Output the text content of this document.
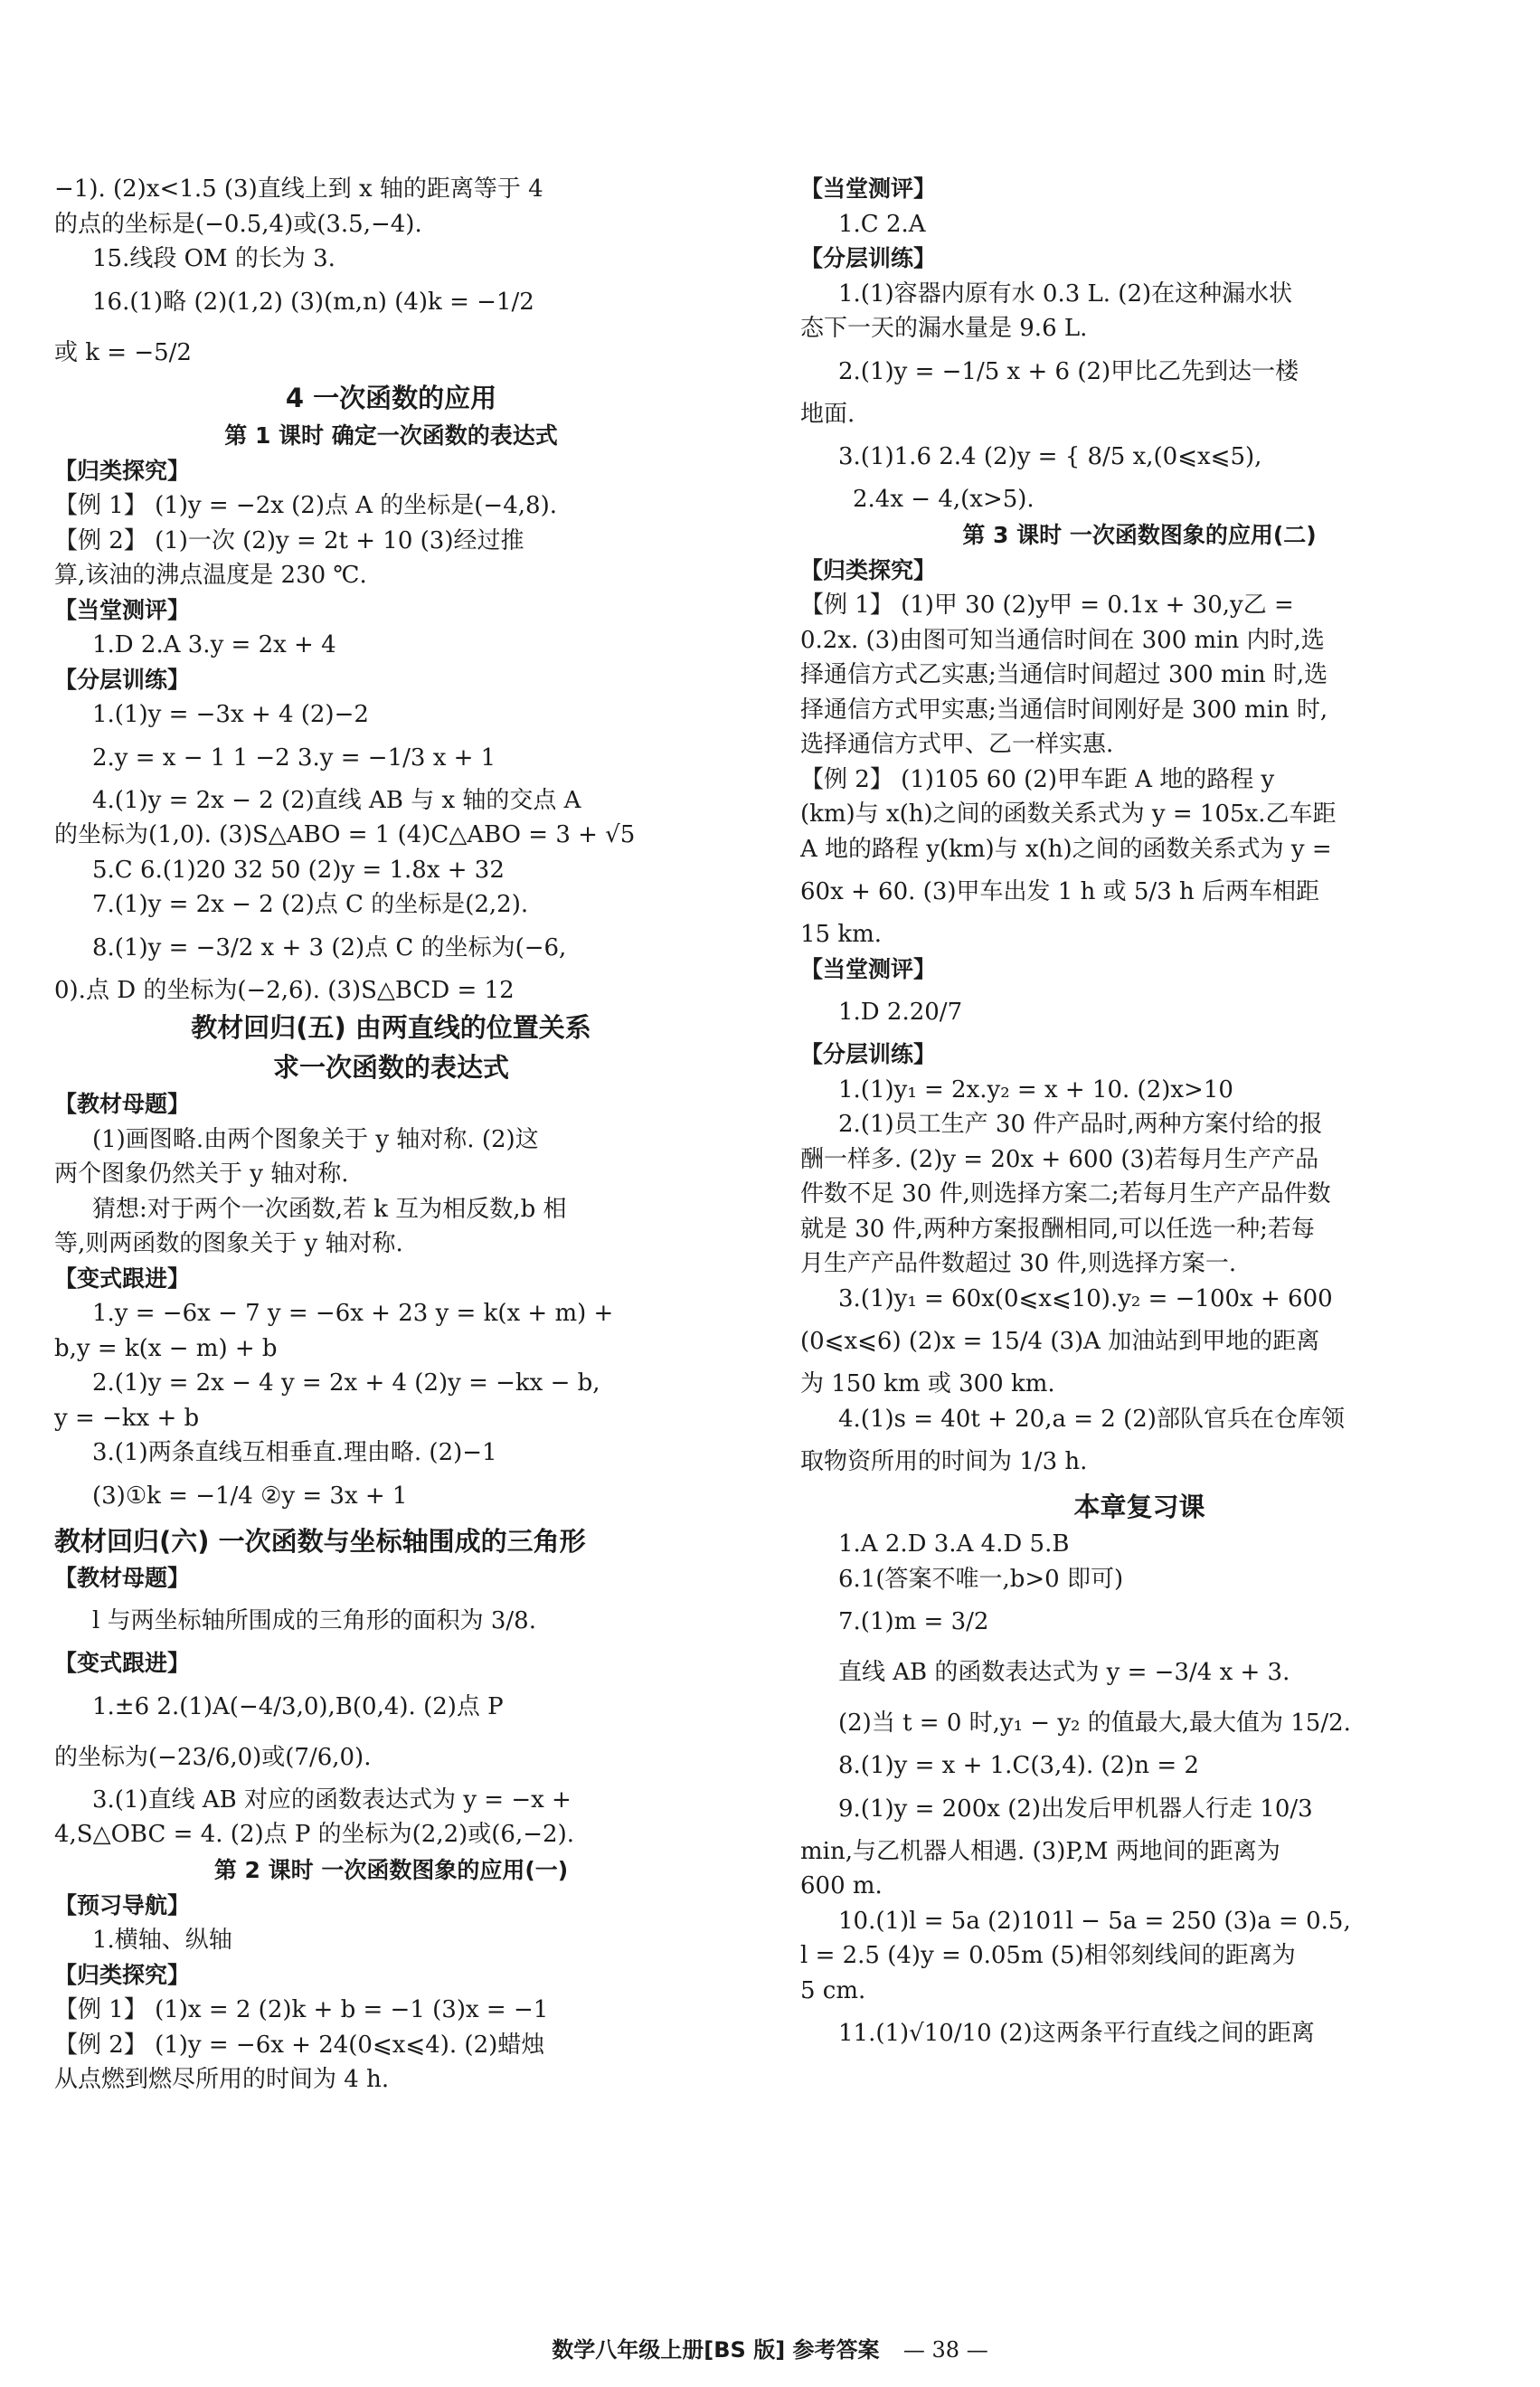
−1). (2)x<1.5 (3)直线上到 x 轴的距离等于 4
的点的坐标是(−0.5,4)或(3.5,−4).
15.线段 OM 的长为 3.
16.(1)略 (2)(1,2) (3)(m,n) (4)k = −1/2
或 k = −5/2
4 一次函数的应用
第 1 课时 确定一次函数的表达式
【归类探究】
【例 1】 (1)y = −2x (2)点 A 的坐标是(−4,8).
【例 2】 (1)一次 (2)y = 2t + 10 (3)经过推
算,该油的沸点温度是 230 ℃.
【当堂测评】
1.D 2.A 3.y = 2x + 4
【分层训练】
1.(1)y = −3x + 4 (2)−2
2.y = x − 1 1 −2 3.y = −1/3 x + 1
4.(1)y = 2x − 2 (2)直线 AB 与 x 轴的交点 A
的坐标为(1,0). (3)S△ABO = 1 (4)C△ABO = 3 + √5
5.C 6.(1)20 32 50 (2)y = 1.8x + 32
7.(1)y = 2x − 2 (2)点 C 的坐标是(2,2).
8.(1)y = −3/2 x + 3 (2)点 C 的坐标为(−6,
0).点 D 的坐标为(−2,6). (3)S△BCD = 12
教材回归(五) 由两直线的位置关系
求一次函数的表达式
【教材母题】
(1)画图略.由两个图象关于 y 轴对称. (2)这
两个图象仍然关于 y 轴对称.
猜想:对于两个一次函数,若 k 互为相反数,b 相
等,则两函数的图象关于 y 轴对称.
【变式跟进】
1.y = −6x − 7 y = −6x + 23 y = k(x + m) +
b,y = k(x − m) + b
2.(1)y = 2x − 4 y = 2x + 4 (2)y = −kx − b,
y = −kx + b
3.(1)两条直线互相垂直.理由略. (2)−1
(3)①k = −1/4 ②y = 3x + 1
教材回归(六) 一次函数与坐标轴围成的三角形
【教材母题】
l 与两坐标轴所围成的三角形的面积为 3/8.
【变式跟进】
1.±6 2.(1)A(−4/3,0),B(0,4). (2)点 P
的坐标为(−23/6,0)或(7/6,0).
3.(1)直线 AB 对应的函数表达式为 y = −x +
4,S△OBC = 4. (2)点 P 的坐标为(2,2)或(6,−2).
第 2 课时 一次函数图象的应用(一)
【预习导航】
1.横轴、纵轴
【归类探究】
【例 1】 (1)x = 2 (2)k + b = −1 (3)x = −1
【例 2】 (1)y = −6x + 24(0⩽x⩽4). (2)蜡烛
从点燃到燃尽所用的时间为 4 h.
【当堂测评】
1.C 2.A
【分层训练】
1.(1)容器内原有水 0.3 L. (2)在这种漏水状
态下一天的漏水量是 9.6 L.
2.(1)y = −1/5 x + 6 (2)甲比乙先到达一楼
地面.
3.(1)1.6 2.4 (2)y = { 8/5 x,(0⩽x⩽5),
2.4x − 4,(x>5).
第 3 课时 一次函数图象的应用(二)
【归类探究】
【例 1】 (1)甲 30 (2)y甲 = 0.1x + 30,y乙 =
0.2x. (3)由图可知当通信时间在 300 min 内时,选
择通信方式乙实惠;当通信时间超过 300 min 时,选
择通信方式甲实惠;当通信时间刚好是 300 min 时,
选择通信方式甲、乙一样实惠.
【例 2】 (1)105 60 (2)甲车距 A 地的路程 y
(km)与 x(h)之间的函数关系式为 y = 105x.乙车距
A 地的路程 y(km)与 x(h)之间的函数关系式为 y =
60x + 60. (3)甲车出发 1 h 或 5/3 h 后两车相距
15 km.
【当堂测评】
1.D 2.20/7
【分层训练】
1.(1)y₁ = 2x.y₂ = x + 10. (2)x>10
2.(1)员工生产 30 件产品时,两种方案付给的报
酬一样多. (2)y = 20x + 600 (3)若每月生产产品
件数不足 30 件,则选择方案二;若每月生产产品件数
就是 30 件,两种方案报酬相同,可以任选一种;若每
月生产产品件数超过 30 件,则选择方案一.
3.(1)y₁ = 60x(0⩽x⩽10).y₂ = −100x + 600
(0⩽x⩽6) (2)x = 15/4 (3)A 加油站到甲地的距离
为 150 km 或 300 km.
4.(1)s = 40t + 20,a = 2 (2)部队官兵在仓库领
取物资所用的时间为 1/3 h.
本章复习课
1.A 2.D 3.A 4.D 5.B
6.1(答案不唯一,b>0 即可)
7.(1)m = 3/2
直线 AB 的函数表达式为 y = −3/4 x + 3.
(2)当 t = 0 时,y₁ − y₂ 的值最大,最大值为 15/2.
8.(1)y = x + 1.C(3,4). (2)n = 2
9.(1)y = 200x (2)出发后甲机器人行走 10/3
min,与乙机器人相遇. (3)P,M 两地间的距离为
600 m.
10.(1)l = 5a (2)101l − 5a = 250 (3)a = 0.5,
l = 2.5 (4)y = 0.05m (5)相邻刻线间的距离为
5 cm.
11.(1)√10/10 (2)这两条平行直线之间的距离
数学八年级上册[BS 版] 参考答案 — 38 —
